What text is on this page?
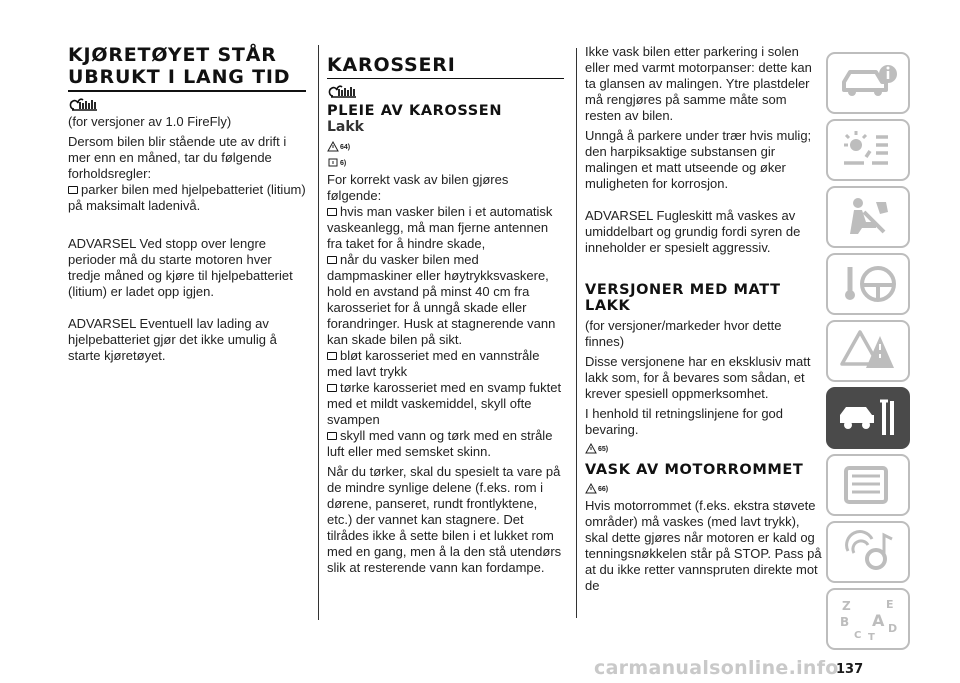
KJØRETØYET STÅR UBRUKT I LANG TID

(for versjoner av 1.0 FireFly)

Dersom bilen blir stående ute av drift i mer enn en måned, tar du følgende forholdsregler:

parker bilen med hjelpebatteriet (litium) på maksimalt ladenivå.

ADVARSEL Ved stopp over lengre perioder må du starte motoren hver tredje måned og kjøre til hjelpebatteriet (litium) er ladet opp igjen.

ADVARSEL Eventuell lav lading av hjelpebatteriet gjør det ikke umulig å starte kjøretøyet.

KAROSSERI
PLEIE AV KAROSSEN
Lakk
64)
6)

For korrekt vask av bilen gjøres følgende:

hvis man vasker bilen i et automatisk vaskeanlegg, må man fjerne antennen fra taket for å hindre skade,

når du vasker bilen med dampmaskiner eller høytrykksvaskere, hold en avstand på minst 40 cm fra karosseriet for å unngå skade eller forandringer. Husk at stagnerende vann kan skade bilen på sikt.

bløt karosseriet med en vannstråle med lavt trykk

tørke karosseriet med en svamp fuktet med et mildt vaskemiddel, skyll ofte svampen

skyll med vann og tørk med en stråle luft eller med semsket skinn.

Når du tørker, skal du spesielt ta vare på de mindre synlige delene (f.eks. rom i dørene, panseret, rundt frontlyktene, etc.) der vannet kan stagnere. Det tilrådes ikke å sette bilen i et lukket rom med en gang, men å la den stå utendørs slik at resterende vann kan fordampe.

Ikke vask bilen etter parkering i solen eller med varmt motorpanser: dette kan ta glansen av malingen. Ytre plastdeler må rengjøres på samme måte som resten av bilen.

Unngå å parkere under trær hvis mulig; den harpiksaktige substansen gir malingen et matt utseende og øker muligheten for korrosjon.

ADVARSEL Fugleskitt må vaskes av umiddelbart og grundig fordi syren de inneholder er spesielt aggressiv.

VERSJONER MED MATT LAKK

(for versjoner/markeder hvor dette finnes)

Disse versjonene har en eksklusiv matt lakk som, for å bevares som sådan, et krever spesiell oppmerksomhet.

I henhold til retningslinjene for god bevaring.

65)
VASK AV MOTORROMMET
66)

Hvis motorrommet (f.eks. ekstra støvete områder) må vaskes (med lavt trykk), skal dette gjøres når motoren er kald og tenningsnøkkelen står på STOP. Pass på at du ikke retter vannspruten direkte mot de

Z	E
B A
C
D
T
137
carmanualsonline.info
